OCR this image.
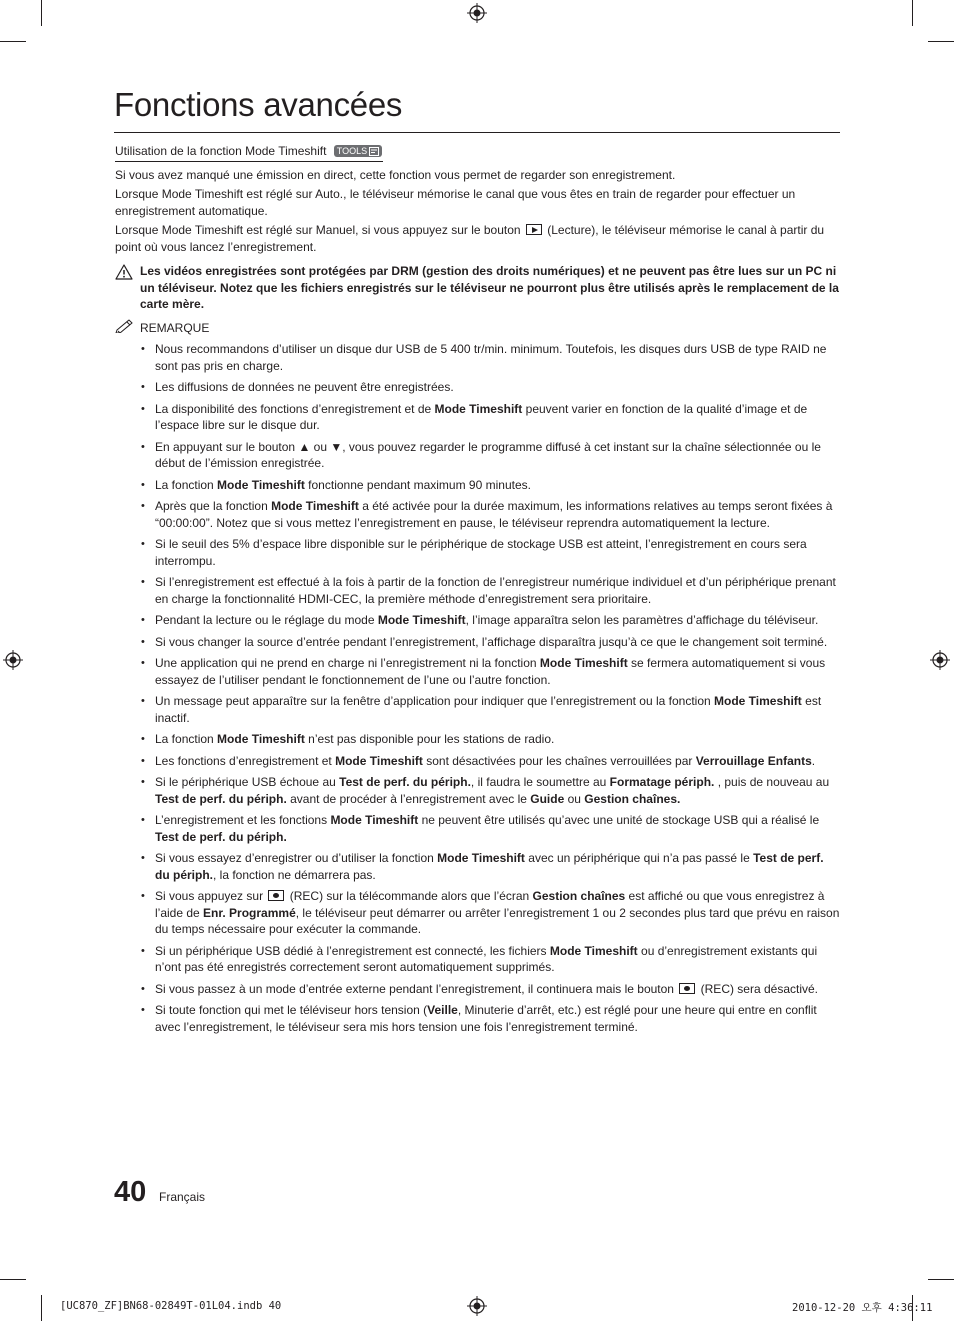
Fonctions avancées
Utilisation de la fonction Mode Timeshift TOOLS

Si vous avez manqué une émission en direct, cette fonction vous permet de regarder son enregistrement.

Lorsque Mode Timeshift est réglé sur Auto., le téléviseur mémorise le canal que vous êtes en train de regarder pour effectuer un enregistrement automatique.

Lorsque Mode Timeshift est réglé sur Manuel, si vous appuyez sur le bouton  (Lecture), le téléviseur mémorise le canal à partir du point où vous lancez l’enregistrement.

Les vidéos enregistrées sont protégées par DRM (gestion des droits numériques) et ne peuvent pas être lues sur un PC ni un téléviseur. Notez que les fichiers enregistrés sur le téléviseur ne pourront plus être utilisés après le remplacement de la carte mère.
REMARQUE
• Nous recommandons d’utiliser un disque dur USB de 5 400 tr/min. minimum. Toutefois, les disques durs USB de type RAID ne sont pas pris en charge.
• Les diffusions de données ne peuvent être enregistrées.
• La disponibilité des fonctions d’enregistrement et de Mode Timeshift peuvent varier en fonction de la qualité d’image et de l’espace libre sur le disque dur.
• En appuyant sur le bouton ▲ ou ▼, vous pouvez regarder le programme diffusé à cet instant sur la chaîne sélectionnée ou le début de l’émission enregistrée.
• La fonction Mode Timeshift fonctionne pendant maximum 90 minutes.
• Après que la fonction Mode Timeshift a été activée pour la durée maximum, les informations relatives au temps seront fixées à “00:00:00”. Notez que si vous mettez l’enregistrement en pause, le téléviseur reprendra automatiquement la lecture.
• Si le seuil des 5% d’espace libre disponible sur le périphérique de stockage USB est atteint, l’enregistrement en cours sera interrompu.
• Si l’enregistrement est effectué à la fois à partir de la fonction de l’enregistreur numérique individuel et d’un périphérique prenant en charge la fonctionnalité HDMI-CEC, la première méthode d’enregistrement sera prioritaire.
• Pendant la lecture ou le réglage du mode Mode Timeshift, l’image apparaîtra selon les paramètres d’affichage du téléviseur.
• Si vous changer la source d’entrée pendant l’enregistrement, l’affichage disparaîtra jusqu’à ce que le changement soit terminé.
• Une application qui ne prend en charge ni l’enregistrement ni la fonction Mode Timeshift se fermera automatiquement si vous essayez de l’utiliser pendant le fonctionnement de l’une ou l’autre fonction.
• Un message peut apparaître sur la fenêtre d’application pour indiquer que l’enregistrement ou la fonction Mode Timeshift est inactif.
• La fonction Mode Timeshift n’est pas disponible pour les stations de radio.
• Les fonctions d’enregistrement et Mode Timeshift sont désactivées pour les chaînes verrouillées par Verrouillage Enfants.
• Si le périphérique USB échoue au Test de perf. du périph., il faudra le soumettre au Formatage périph. , puis de nouveau au Test de perf. du périph. avant de procéder à l’enregistrement avec le Guide ou Gestion chaînes.
• L’enregistrement et les fonctions Mode Timeshift ne peuvent être utilisés qu’avec une unité de stockage USB qui a réalisé le Test de perf. du périph.
• Si vous essayez d’enregistrer ou d’utiliser la fonction Mode Timeshift avec un périphérique qui n’a pas passé le Test de perf. du périph., la fonction ne démarrera pas.
• Si vous appuyez sur  (REC) sur la télécommande alors que l’écran Gestion chaînes est affiché ou que vous enregistrez à l’aide de Enr. Programmé, le téléviseur peut démarrer ou arrêter l’enregistrement 1 ou 2 secondes plus tard que prévu en raison du temps nécessaire pour exécuter la commande.
• Si un périphérique USB dédié à l’enregistrement est connecté, les fichiers Mode Timeshift ou d’enregistrement existants qui n’ont pas été enregistrés correctement seront automatiquement supprimés.
• Si vous passez à un mode d’entrée externe pendant l’enregistrement, il continuera mais le bouton  (REC) sera désactivé.
• Si toute fonction qui met le téléviseur hors tension (Veille, Minuterie d’arrêt, etc.) est réglé pour une heure qui entre en conflit avec l’enregistrement, le téléviseur sera mis hors tension une fois l’enregistrement terminé.
40 Français
[UC870_ZF]BN68-02849T-01L04.indb 40	2010-12-20 오후 4:36:11
